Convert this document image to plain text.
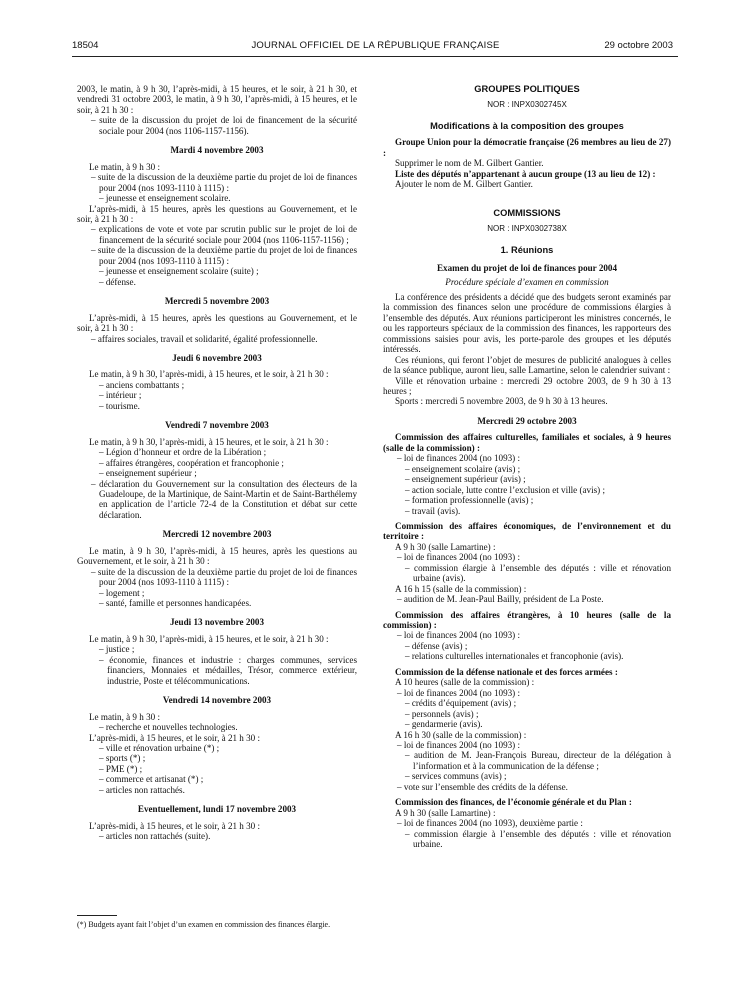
18504	JOURNAL OFFICIEL DE LA RÉPUBLIQUE FRANÇAISE	29 octobre 2003

2003, le matin, à 9 h 30, l’après-midi, à 15 heures, et le soir, à 21 h 30, et vendredi 31 octobre 2003, le matin, à 9 h 30, l’après-midi, à 15 heures, et le soir, à 21 h 30 :

– suite de la discussion du projet de loi de financement de la sécurité sociale pour 2004 (nos 1106-1157-1156).

Mardi 4 novembre 2003

Le matin, à 9 h 30 :

– suite de la discussion de la deuxième partie du projet de loi de finances pour 2004 (nos 1093-1110 à 1115) :

– jeunesse et enseignement scolaire.

L’après-midi, à 15 heures, après les questions au Gouvernement, et le soir, à 21 h 30 :

– explications de vote et vote par scrutin public sur le projet de loi de financement de la sécurité sociale pour 2004 (nos 1106-1157-1156) ;

– suite de la discussion de la deuxième partie du projet de loi de finances pour 2004 (nos 1093-1110 à 1115) :

– jeunesse et enseignement scolaire (suite) ;

– défense.

Mercredi 5 novembre 2003

L’après-midi, à 15 heures, après les questions au Gouvernement, et le soir, à 21 h 30 :

– affaires sociales, travail et solidarité, égalité professionnelle.

Jeudi 6 novembre 2003

Le matin, à 9 h 30, l’après-midi, à 15 heures, et le soir, à 21 h 30 :

– anciens combattants ;

– intérieur ;

– tourisme.

Vendredi 7 novembre 2003

Le matin, à 9 h 30, l’après-midi, à 15 heures, et le soir, à 21 h 30 :

– Légion d’honneur et ordre de la Libération ;

– affaires étrangères, coopération et francophonie ;

– enseignement supérieur ;

– déclaration du Gouvernement sur la consultation des électeurs de la Guadeloupe, de la Martinique, de Saint-Martin et de Saint-Barthélemy en application de l’article 72-4 de la Constitution et débat sur cette déclaration.

Mercredi 12 novembre 2003

Le matin, à 9 h 30, l’après-midi, à 15 heures, après les questions au Gouvernement, et le soir, à 21 h 30 :

– suite de la discussion de la deuxième partie du projet de loi de finances pour 2004 (nos 1093-1110 à 1115) :

– logement ;

– santé, famille et personnes handicapées.

Jeudi 13 novembre 2003

Le matin, à 9 h 30, l’après-midi, à 15 heures, et le soir, à 21 h 30 :

– justice ;

– économie, finances et industrie : charges communes, services financiers, Monnaies et médailles, Trésor, commerce extérieur, industrie, Poste et télécommunications.

Vendredi 14 novembre 2003

Le matin, à 9 h 30 :

– recherche et nouvelles technologies.

L’après-midi, à 15 heures, et le soir, à 21 h 30 :

– ville et rénovation urbaine (*) ;

– sports (*) ;

– PME (*) ;

– commerce et artisanat (*) ;

– articles non rattachés.

Eventuellement, lundi 17 novembre 2003

L’après-midi, à 15 heures, et le soir, à 21 h 30 :

– articles non rattachés (suite).

(*) Budgets ayant fait l’objet d’un examen en commission des finances élargie.
GROUPES POLITIQUES
NOR : INPX0302745X
Modifications à la composition des groupes

Groupe Union pour la démocratie française (26 membres au lieu de 27) :

Supprimer le nom de M. Gilbert Gantier.

Liste des députés n’appartenant à aucun groupe (13 au lieu de 12) :

Ajouter le nom de M. Gilbert Gantier.

COMMISSIONS
NOR : INPX0302738X
1. Réunions
Examen du projet de loi de finances pour 2004
Procédure spéciale d’examen en commission

La conférence des présidents a décidé que des budgets seront examinés par la commission des finances selon une procédure de commissions élargies à l’ensemble des députés. Aux réunions participeront les ministres concernés, le ou les rapporteurs spéciaux de la commission des finances, les rapporteurs des commissions saisies pour avis, les porte-parole des groupes et les députés intéressés.

Ces réunions, qui feront l’objet de mesures de publicité analogues à celles de la séance publique, auront lieu, salle Lamartine, selon le calendrier suivant :

Ville et rénovation urbaine : mercredi 29 octobre 2003, de 9 h 30 à 13 heures ;

Sports : mercredi 5 novembre 2003, de 9 h 30 à 13 heures.

Mercredi 29 octobre 2003

Commission des affaires culturelles, familiales et sociales, à 9 heures (salle de la commission) :

– loi de finances 2004 (no 1093) :

– enseignement scolaire (avis) ;

– enseignement supérieur (avis) ;

– action sociale, lutte contre l’exclusion et ville (avis) ;

– formation professionnelle (avis) ;

– travail (avis).

Commission des affaires économiques, de l’environnement et du territoire :

A 9 h 30 (salle Lamartine) :

– loi de finances 2004 (no 1093) :

– commission élargie à l’ensemble des députés : ville et rénovation urbaine (avis).

A 16 h 15 (salle de la commission) :

– audition de M. Jean-Paul Bailly, président de La Poste.

Commission des affaires étrangères, à 10 heures (salle de la commission) :

– loi de finances 2004 (no 1093) :

– défense (avis) ;

– relations culturelles internationales et francophonie (avis).

Commission de la défense nationale et des forces armées :

A 10 heures (salle de la commission) :

– loi de finances 2004 (no 1093) :

– crédits d’équipement (avis) ;

– personnels (avis) ;

– gendarmerie (avis).

A 16 h 30 (salle de la commission) :

– loi de finances 2004 (no 1093) :

– audition de M. Jean-François Bureau, directeur de la délégation à l’information et à la communication de la défense ;

– services communs (avis) ;

– vote sur l’ensemble des crédits de la défense.

Commission des finances, de l’économie générale et du Plan :

A 9 h 30 (salle Lamartine) :

– loi de finances 2004 (no 1093), deuxième partie :

– commission élargie à l’ensemble des députés : ville et rénovation urbaine.
